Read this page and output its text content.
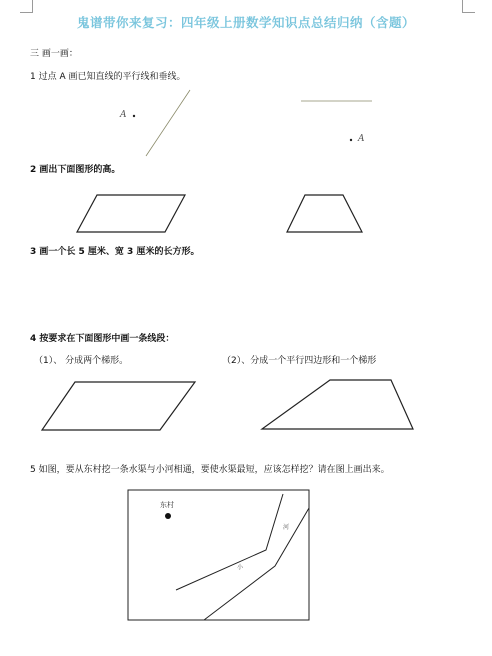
鬼谱带你来复习：四年级上册数学知识点总结归纳（含题）
三 画一画：
1 过点 A 画已知直线的平行线和垂线。
A
A
2 画出下面图形的高。
3 画一个长 5 厘米、宽 3 厘米的长方形。
4 按要求在下面图形中画一条线段：
（1）、 分成两个梯形。	（2）、分成一个平行四边形和一个梯形
5 如图，要从东村挖一条水渠与小河相通，要使水渠最短，应该怎样挖？请在图上画出来。
东村
河
小
